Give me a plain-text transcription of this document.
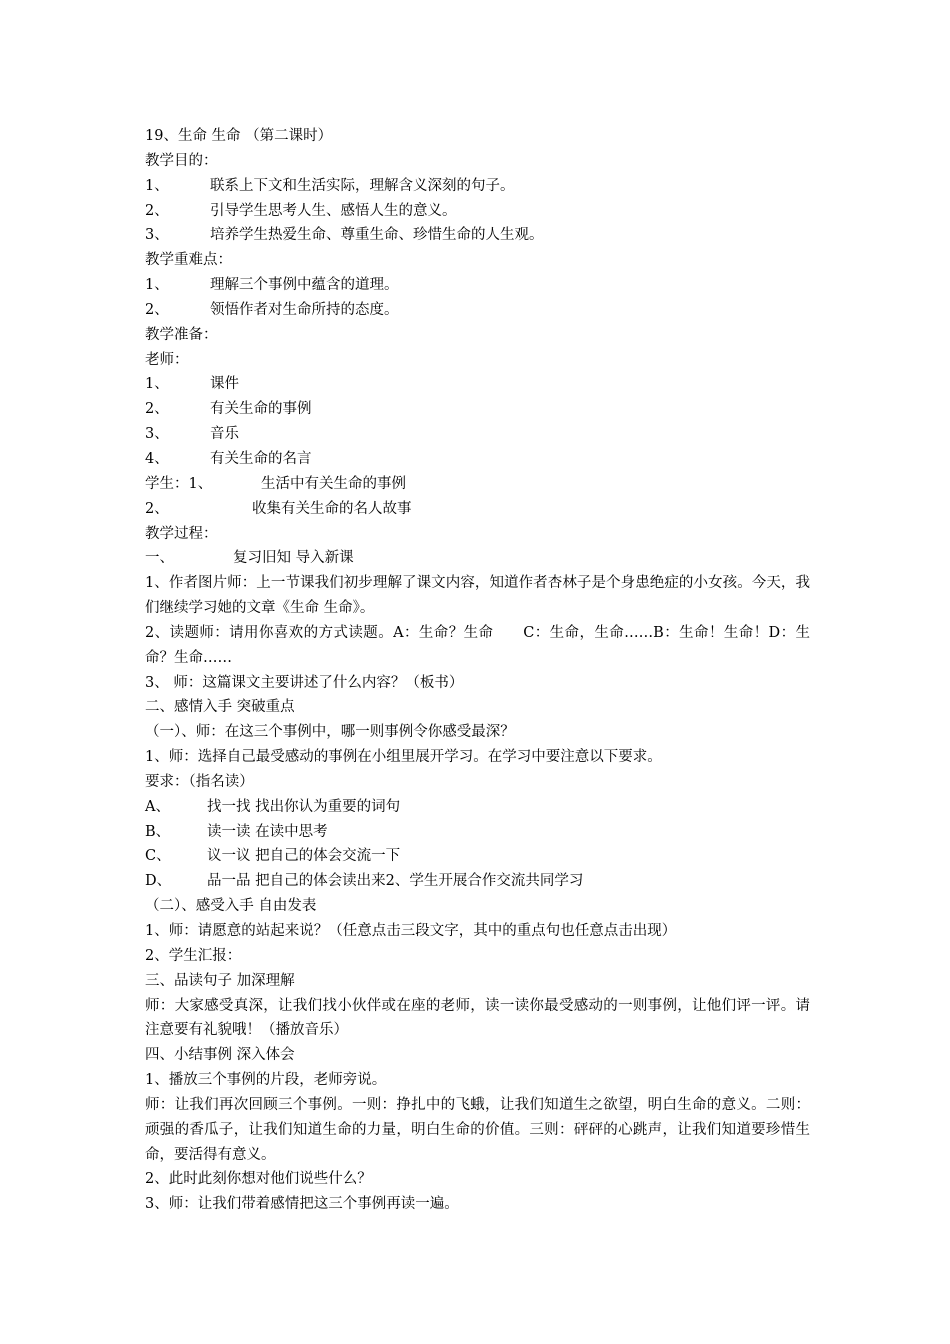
19、生命 生命 （第二课时）
教学目的：
1、	联系上下文和生活实际，理解含义深刻的句子。
2、	引导学生思考人生、感悟人生的意义。
3、	培养学生热爱生命、尊重生命、珍惜生命的人生观。
教学重难点：
1、	理解三个事例中蕴含的道理。
2、	领悟作者对生命所持的态度。
教学准备：
老师：
1、	课件
2、	有关生命的事例
3、	音乐
4、	有关生命的名言
学生：1、	生活中有关生命的事例
2、	收集有关生命的名人故事
教学过程：
一、	复习旧知 导入新课
1、作者图片师：上一节课我们初步理解了课文内容，知道作者杏林子是个身患绝症的小女孩。今天，我们继续学习她的文章《生命 生命》。
2、读题师：请用你喜欢的方式读题。A：生命？生命　　C：生命，生命……B：生命！生命！D：生命？生命……
3、 师：这篇课文主要讲述了什么内容？（板书）
二、感情入手 突破重点
（一）、师：在这三个事例中，哪一则事例令你感受最深？
1、师：选择自己最受感动的事例在小组里展开学习。在学习中要注意以下要求。
要求：（指名读）
A、	找一找 找出你认为重要的词句
B、	读一读 在读中思考
C、	议一议 把自己的体会交流一下
D、 品一品 把自己的体会读出来2、学生开展合作交流共同学习
（二）、感受入手 自由发表
1、师：请愿意的站起来说？（任意点击三段文字，其中的重点句也任意点击出现）
2、学生汇报：
三、品读句子 加深理解
师：大家感受真深，让我们找小伙伴或在座的老师，读一读你最受感动的一则事例，让他们评一评。请注意要有礼貌哦！（播放音乐）
四、小结事例 深入体会
1、播放三个事例的片段，老师旁说。
师：让我们再次回顾三个事例。一则：挣扎中的飞蛾，让我们知道生之欲望，明白生命的意义。二则：顽强的香瓜子，让我们知道生命的力量，明白生命的价值。三则：砰砰的心跳声，让我们知道要珍惜生命，要活得有意义。
2、此时此刻你想对他们说些什么？
3、师：让我们带着感情把这三个事例再读一遍。
